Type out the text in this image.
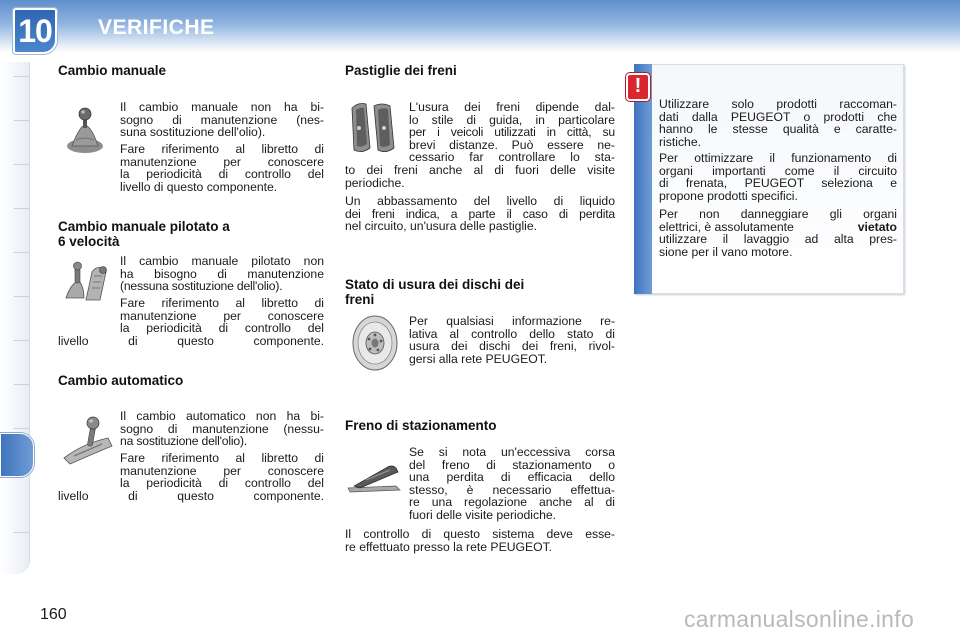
10 VERIFICHE
Cambio manuale
Il cambio manuale non ha bi-
sogno di manutenzione (nes-
suna sostituzione dell'olio).
Fare riferimento al libretto di
manutenzione per conoscere
la periodicità di controllo del
livello di questo componente.
Cambio manuale pilotato a
6 velocità
Il cambio manuale pilotato non
ha bisogno di manutenzione
(nessuna sostituzione dell'olio).
Fare riferimento al libretto di
manutenzione per conoscere
la periodicità di controllo del
livello di questo componente.
Cambio automatico
Il cambio automatico non ha bi-
sogno di manutenzione (nessu-
na sostituzione dell'olio).
Fare riferimento al libretto di
manutenzione per conoscere
la periodicità di controllo del
livello di questo componente.
Pastiglie dei freni
L'usura dei freni dipende dal-
lo stile di guida, in particolare
per i veicoli utilizzati in città, su
brevi distanze. Può essere ne-
cessario far controllare lo sta-
to dei freni anche al di fuori delle visite
periodiche.
Un abbassamento del livello di liquido
dei freni indica, a parte il caso di perdita
nel circuito, un'usura delle pastiglie.
Stato di usura dei dischi dei
freni
Per qualsiasi informazione re-
lativa al controllo dello stato di
usura dei dischi dei freni, rivol-
gersi alla rete PEUGEOT.
Freno di stazionamento
Se si nota un'eccessiva corsa
del freno di stazionamento o
una perdita di efficacia dello
stesso, è necessario effettua-
re una regolazione anche al di
fuori delle visite periodiche.
Il controllo di questo sistema deve esse-
re effettuato presso la rete PEUGEOT.
!
Utilizzare solo prodotti raccoman-
dati dalla PEUGEOT o prodotti che
hanno le stesse qualità e caratte-
ristiche.
Per ottimizzare il funzionamento di
organi importanti come il circuito
di frenata, PEUGEOT seleziona e
propone prodotti specifici.
Per non danneggiare gli organi
elettrici, è assolutamente	vietato
utilizzare il lavaggio ad alta pres-
sione per il vano motore.
160	carmanualsonline.info
